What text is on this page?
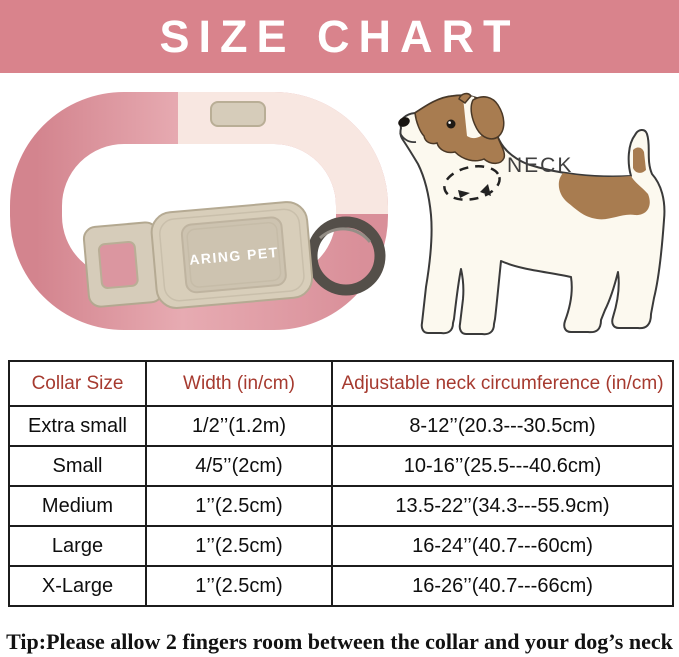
SIZE CHART
ARING PET
NECK
Collar Size	Width (in/cm)	Adjustable neck circumference (in/cm)
Extra small	1/2’’(1.2m)	8-12’’(20.3---30.5cm)
Small	4/5’’(2cm)	10-16’’(25.5---40.6cm)
Medium	1’’(2.5cm)	13.5-22’’(34.3---55.9cm)
Large	1’’(2.5cm)	16-24’’(40.7---60cm)
X-Large	1’’(2.5cm)	16-26’’(40.7---66cm)
Tip:Please allow 2 fingers room between the collar and your dog’s neck
